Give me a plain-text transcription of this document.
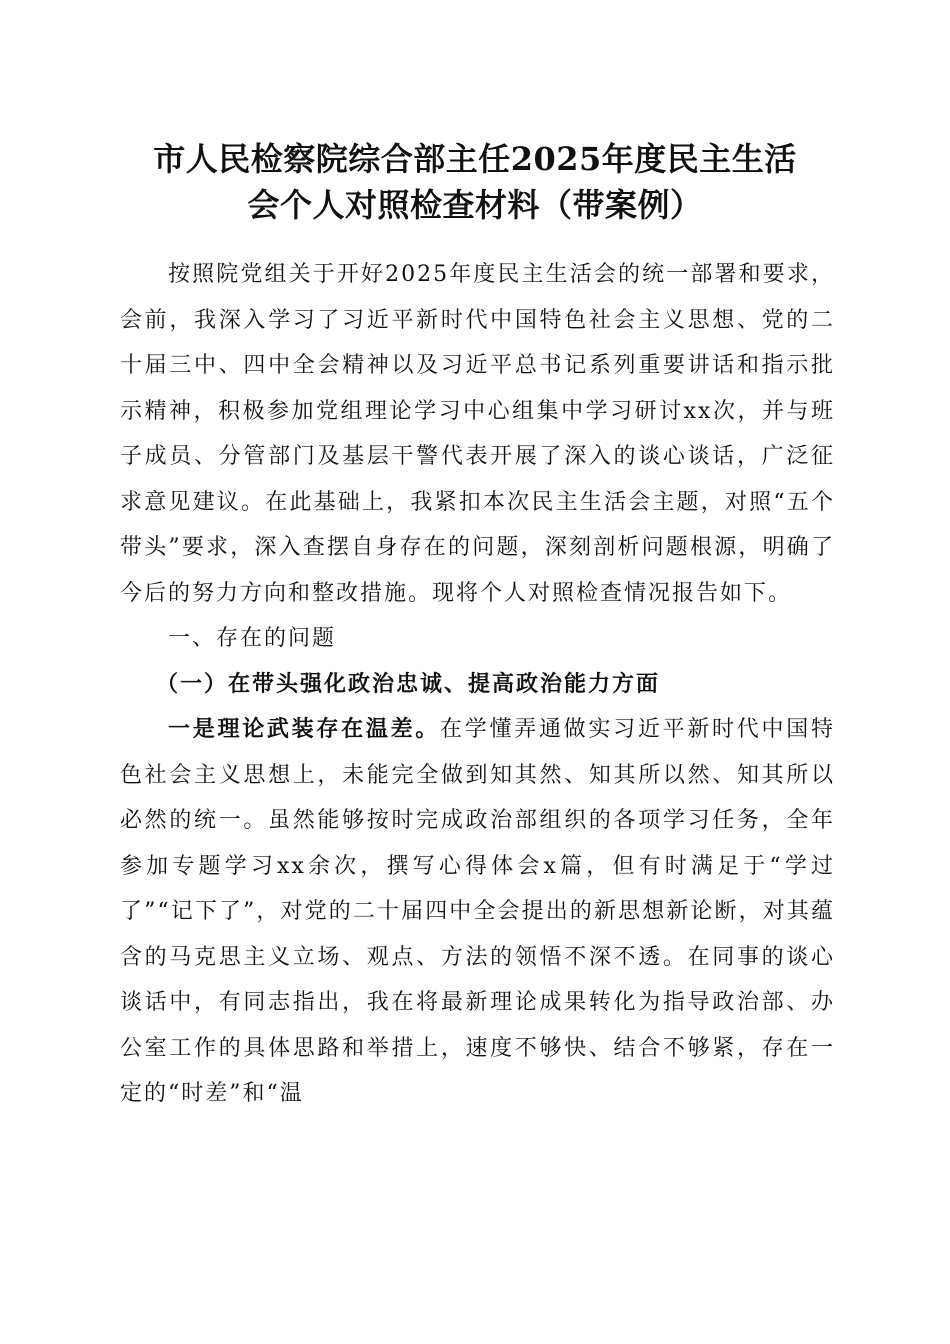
市人民检察院综合部主任2025年度民主生活
会个人对照检查材料（带案例）

按照院党组关于开好2025年度民主生活会的统一部署和要求，会前，我深入学习了习近平新时代中国特色社会主义思想、党的二十届三中、四中全会精神以及习近平总书记系列重要讲话和指示批示精神，积极参加党组理论学习中心组集中学习研讨xx次，并与班子成员、分管部门及基层干警代表开展了深入的谈心谈话，广泛征求意见建议。在此基础上，我紧扣本次民主生活会主题，对照“五个带头”要求，深入查摆自身存在的问题，深刻剖析问题根源，明确了今后的努力方向和整改措施。现将个人对照检查情况报告如下。

一、存在的问题

（一）在带头强化政治忠诚、提高政治能力方面

一是理论武装存在温差。在学懂弄通做实习近平新时代中国特色社会主义思想上，未能完全做到知其然、知其所以然、知其所以必然的统一。虽然能够按时完成政治部组织的各项学习任务，全年参加专题学习xx余次，撰写心得体会x篇，但有时满足于“学过了”“记下了”，对党的二十届四中全会提出的新思想新论断，对其蕴含的马克思主义立场、观点、方法的领悟不深不透。在同事的谈心谈话中，有同志指出，我在将最新理论成果转化为指导政治部、办公室工作的具体思路和举措上，速度不够快、结合不够紧，存在一定的“时差”和“温
